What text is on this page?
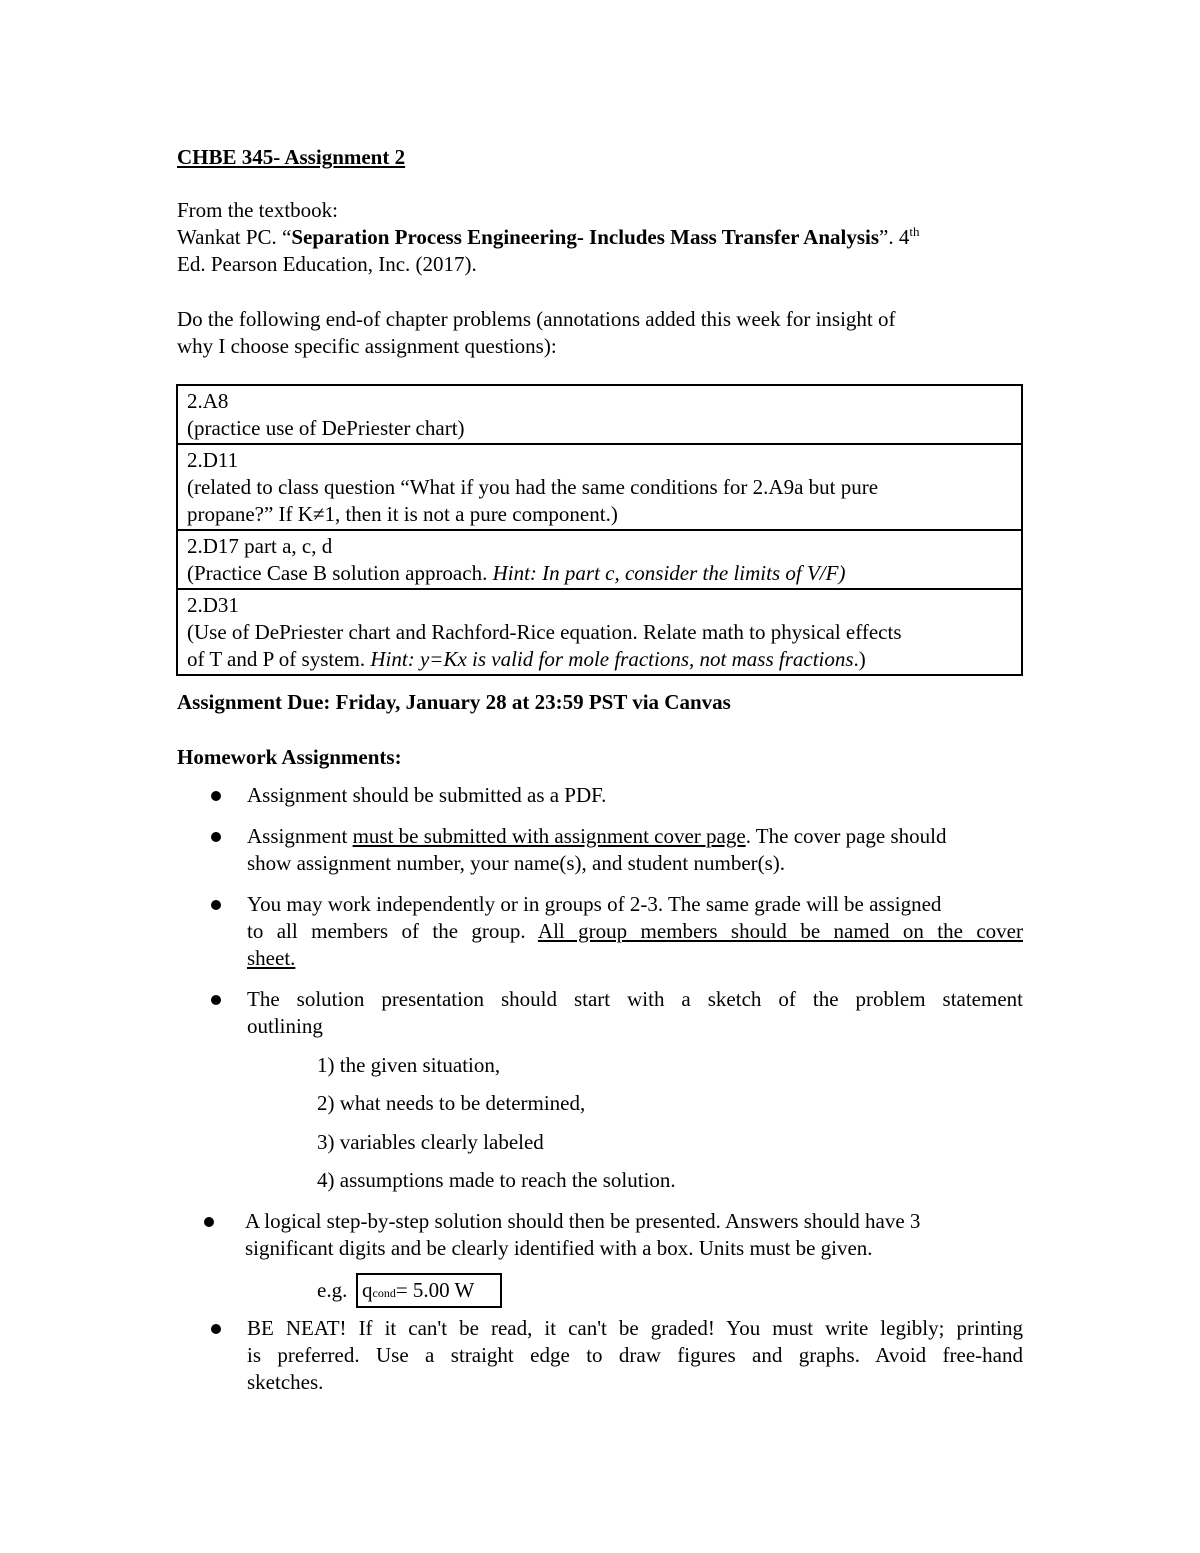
CHBE 345- Assignment 2
From the textbook:
Wankat PC. “Separation Process Engineering- Includes Mass Transfer Analysis”. 4th
Ed. Pearson Education, Inc. (2017).
Do the following end-of chapter problems (annotations added this week for insight of
why I choose specific assignment questions):
2.A8
(practice use of DePriester chart)

2.D11
(related to class question “What if you had the same conditions for 2.A9a but pure
propane?” If K≠1, then it is not a pure component.)

2.D17 part a, c, d
(Practice Case B solution approach. Hint: In part c, consider the limits of V/F)

2.D31
(Use of DePriester chart and Rachford-Rice equation. Relate math to physical effects
of T and P of system. Hint: y=Kx is valid for mole fractions, not mass fractions.)
Assignment Due: Friday, January 28 at 23:59 PST via Canvas
Homework Assignments:
Assignment should be submitted as a PDF.
Assignment must be submitted with assignment cover page. The cover page should
show assignment number, your name(s), and student number(s).
You may work independently or in groups of 2-3. The same grade will be assigned
to all members of the group. All group members should be named on the cover
sheet.
The solution presentation should start with a sketch of the problem statement
outlining
1) the given situation,
2) what needs to be determined,
3) variables clearly labeled
4) assumptions made to reach the solution.
A logical step-by-step solution should then be presented. Answers should have 3
significant digits and be clearly identified with a box. Units must be given.
e.g. qcond= 5.00 W
BE NEAT! If it can't be read, it can't be graded! You must write legibly; printing
is preferred. Use a straight edge to draw figures and graphs. Avoid free-hand
sketches.
